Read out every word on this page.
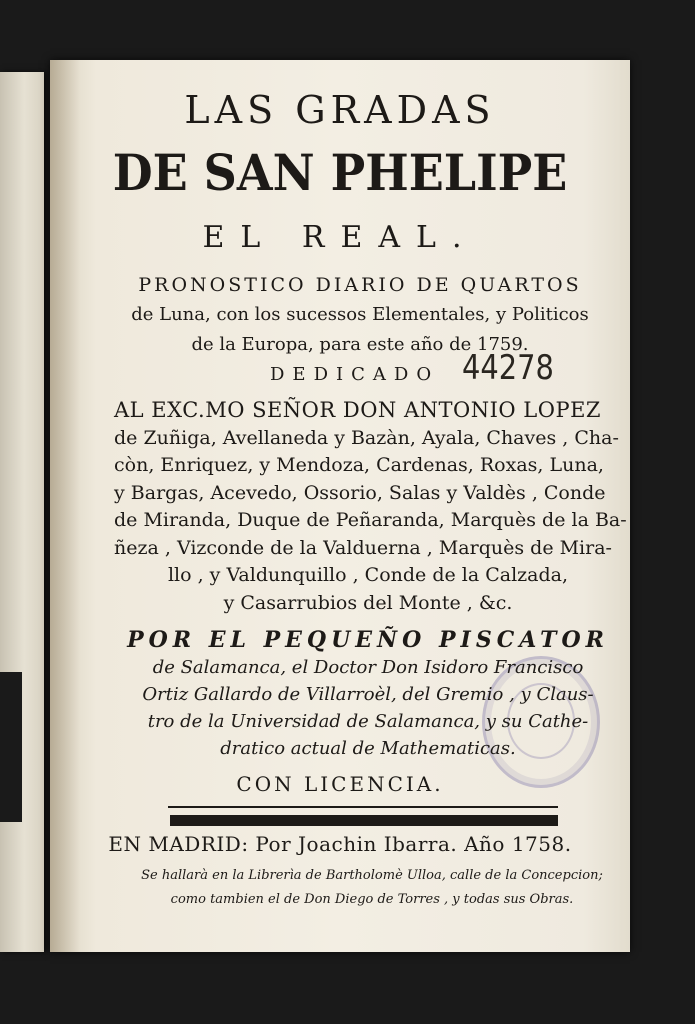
LAS GRADAS

DE SAN PHELIPE

EL REAL.

PRONOSTICO DIARIO DE QUARTOS
de Luna, con los sucessos Elementales, y Politicos
de la Europa, para este año de 1759.
DEDICADO 44278
AL EXC.MO SEÑOR DON ANTONIO LOPEZ
de Zuñiga, Avellaneda y Bazàn, Ayala, Chaves , Cha-
còn, Enriquez, y Mendoza, Cardenas, Roxas, Luna,
y Bargas, Acevedo, Ossorio, Salas y Valdès , Conde
de Miranda, Duque de Peñaranda, Marquès de la Ba-
ñeza , Vizconde de la Valduerna , Marquès de Mira-
llo , y Valdunquillo , Conde de la Calzada,
y Casarrubios del Monte , &c.
POR EL PEQUEÑO PISCATOR
de Salamanca, el Doctor Don Isidoro Francisco
Ortiz Gallardo de Villarroèl, del Gremio , y Claus-
tro de la Universidad de Salamanca, y su Cathe-
dratico actual de Mathematicas.

CON LICENCIA.

EN MADRID: Por Joachin Ibarra. Año 1758.

Se hallarà en la Librerìa de Bartholomè Ulloa, calle de la Concepcion;
como tambien el de Don Diego de Torres , y todas sus Obras.
